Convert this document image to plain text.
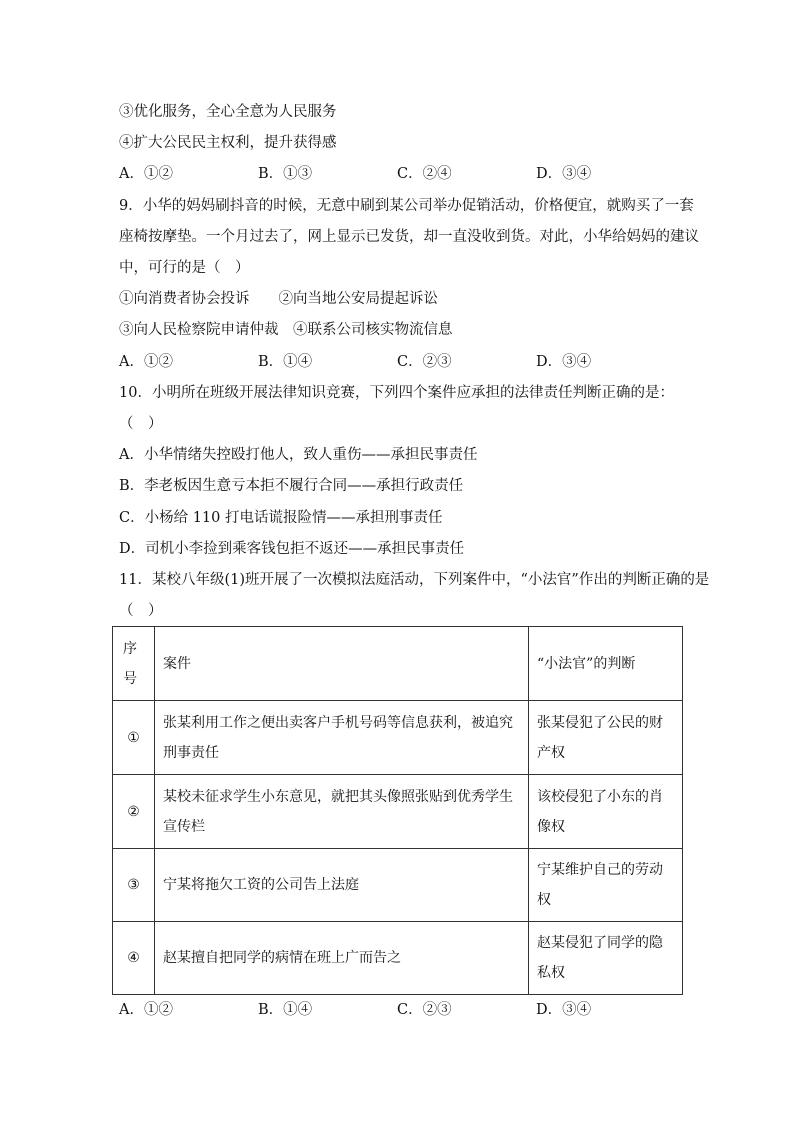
③优化服务，全心全意为人民服务
④扩大公民民主权利，提升获得感
A．①②	B．①③	C．②④	D．③④
9．小华的妈妈刷抖音的时候，无意中刷到某公司举办促销活动，价格便宜，就购买了一套
座椅按摩垫。一个月过去了，网上显示已发货，却一直没收到货。对此，小华给妈妈的建议
中，可行的是（　）
①向消费者协会投诉　　②向当地公安局提起诉讼
③向人民检察院申请仲裁　④联系公司核实物流信息
A．①②	B．①④	C．②③	D．③④
10．小明所在班级开展法律知识竞赛，下列四个案件应承担的法律责任判断正确的是：
（　）
A．小华情绪失控殴打他人，致人重伤——承担民事责任
B．李老板因生意亏本拒不履行合同——承担行政责任
C．小杨给 110 打电话谎报险情——承担刑事责任
D．司机小李捡到乘客钱包拒不返还——承担民事责任
11．某校八年级(1)班开展了一次模拟法庭活动，下列案件中，“小法官”作出的判断正确的是
（　）
序号	案件	“小法官”的判断
①	张某利用工作之便出卖客户手机号码等信息获利，被追究刑事责任	张某侵犯了公民的财产权
②	某校未征求学生小东意见，就把其头像照张贴到优秀学生宣传栏	该校侵犯了小东的肖像权
③	宁某将拖欠工资的公司告上法庭	宁某维护自己的劳动权
④	赵某擅自把同学的病情在班上广而告之	赵某侵犯了同学的隐私权
A．①②	B．①④	C．②③	D．③④
